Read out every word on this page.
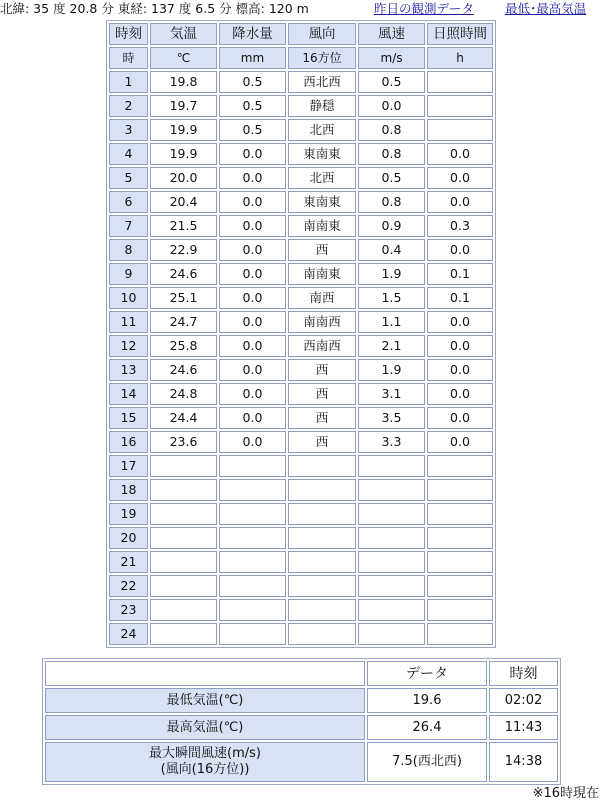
北緯: 35 度 20.8 分 東経: 137 度 6.5 分 標高: 120 m	昨日の観測データ 最低･最高気温
時刻	気温	降水量	風向	風速	日照時間
時	℃	mm	16方位	m/s	h
1	19.8	0.5	西北西	0.5	
2	19.7	0.5	静穏	0.0	
3	19.9	0.5	北西	0.8	
4	19.9	0.0	東南東	0.8	0.0
5	20.0	0.0	北西	0.5	0.0
6	20.4	0.0	東南東	0.8	0.0
7	21.5	0.0	南南東	0.9	0.3
8	22.9	0.0	西	0.4	0.0
9	24.6	0.0	南南東	1.9	0.1
10	25.1	0.0	南西	1.5	0.1
11	24.7	0.0	南南西	1.1	0.0
12	25.8	0.0	西南西	2.1	0.0
13	24.6	0.0	西	1.9	0.0
14	24.8	0.0	西	3.1	0.0
15	24.4	0.0	西	3.5	0.0
16	23.6	0.0	西	3.3	0.0
17					
18					
19					
20					
21					
22					
23					
24					
	データ	時刻
最低気温(℃)	19.6	02:02
最高気温(℃)	26.4	11:43
最大瞬間風速(m/s)
(風向(16方位))	7.5(西北西)	14:38
※16時現在
